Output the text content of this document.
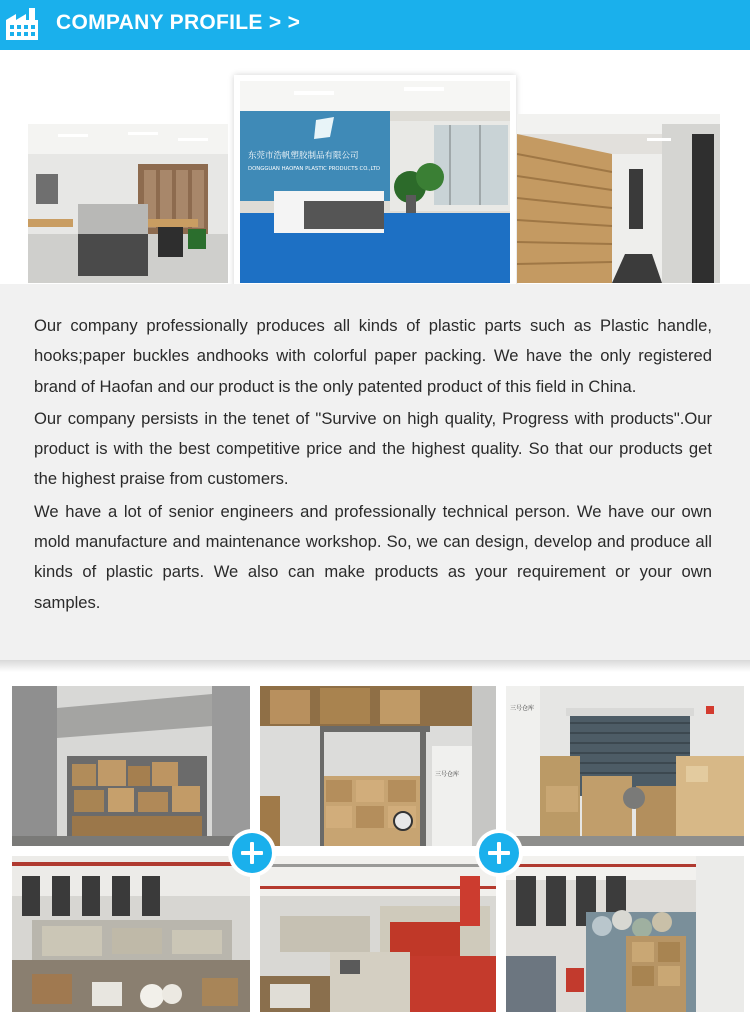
COMPANY PROFILE > >
东莞市浩帆塑胶制品有限公司
DONGGUAN HAOFAN PLASTIC PRODUCTS CO.,LTD

Our company professionally produces all kinds of plastic parts such as Plastic handle, hooks;paper buckles andhooks with colorful paper packing. We have the only registered brand of Haofan and our product is the only patented product of this field in China.

Our company persists in the tenet of "Survive on high quality, Progress with products".Our product is with the best competitive price and the highest quality. So that our products get the highest praise from customers.

We have a lot of senior engineers and professionally technical person. We have our own mold manufacture and maintenance workshop. So, we can design, develop and produce all kinds of plastic parts. We also can make products as your requirement or your own samples.

三号仓库
三号仓库
